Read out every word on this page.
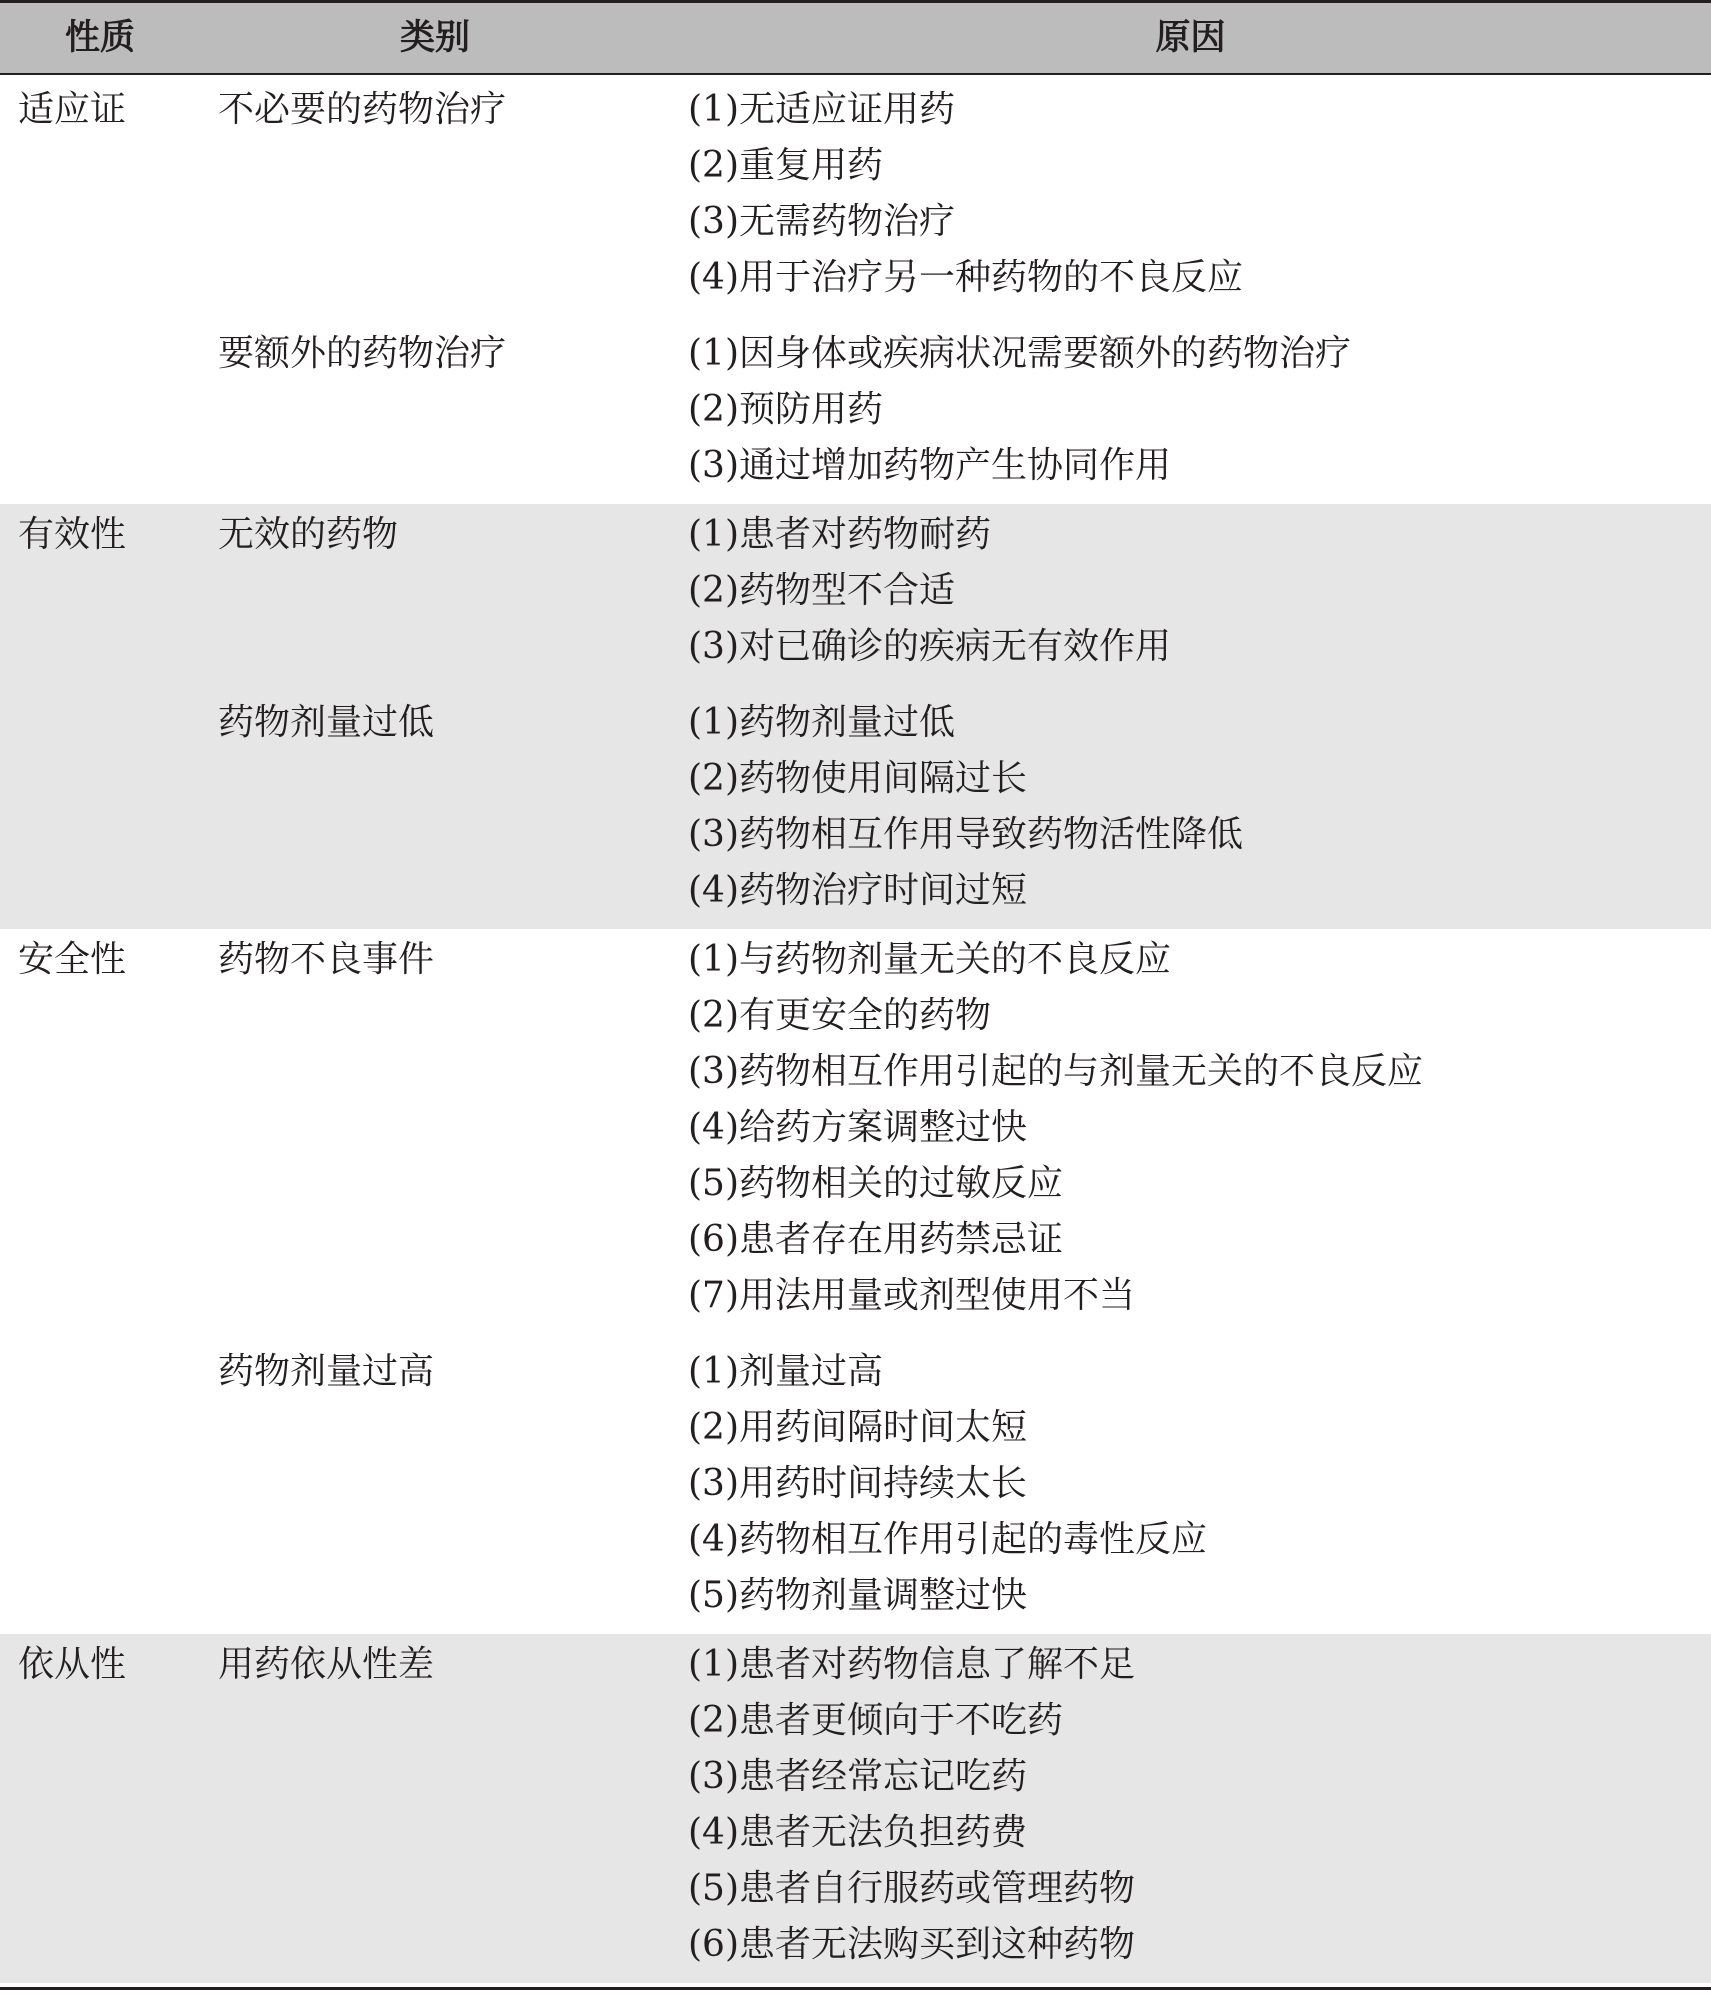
性质	类别	原因
适应证	不必要的药物治疗	(1)无适应证用药
(2)重复用药
(3)无需药物治疗
(4)用于治疗另一种药物的不良反应
要额外的药物治疗	(1)因身体或疾病状况需要额外的药物治疗
(2)预防用药
(3)通过增加药物产生协同作用
有效性	无效的药物	(1)患者对药物耐药
(2)药物型不合适
(3)对已确诊的疾病无有效作用
药物剂量过低	(1)药物剂量过低
(2)药物使用间隔过长
(3)药物相互作用导致药物活性降低
(4)药物治疗时间过短
安全性	药物不良事件	(1)与药物剂量无关的不良反应
(2)有更安全的药物
(3)药物相互作用引起的与剂量无关的不良反应
(4)给药方案调整过快
(5)药物相关的过敏反应
(6)患者存在用药禁忌证
(7)用法用量或剂型使用不当
药物剂量过高	(1)剂量过高
(2)用药间隔时间太短
(3)用药时间持续太长
(4)药物相互作用引起的毒性反应
(5)药物剂量调整过快
依从性	用药依从性差	(1)患者对药物信息了解不足
(2)患者更倾向于不吃药
(3)患者经常忘记吃药
(4)患者无法负担药费
(5)患者自行服药或管理药物
(6)患者无法购买到这种药物
